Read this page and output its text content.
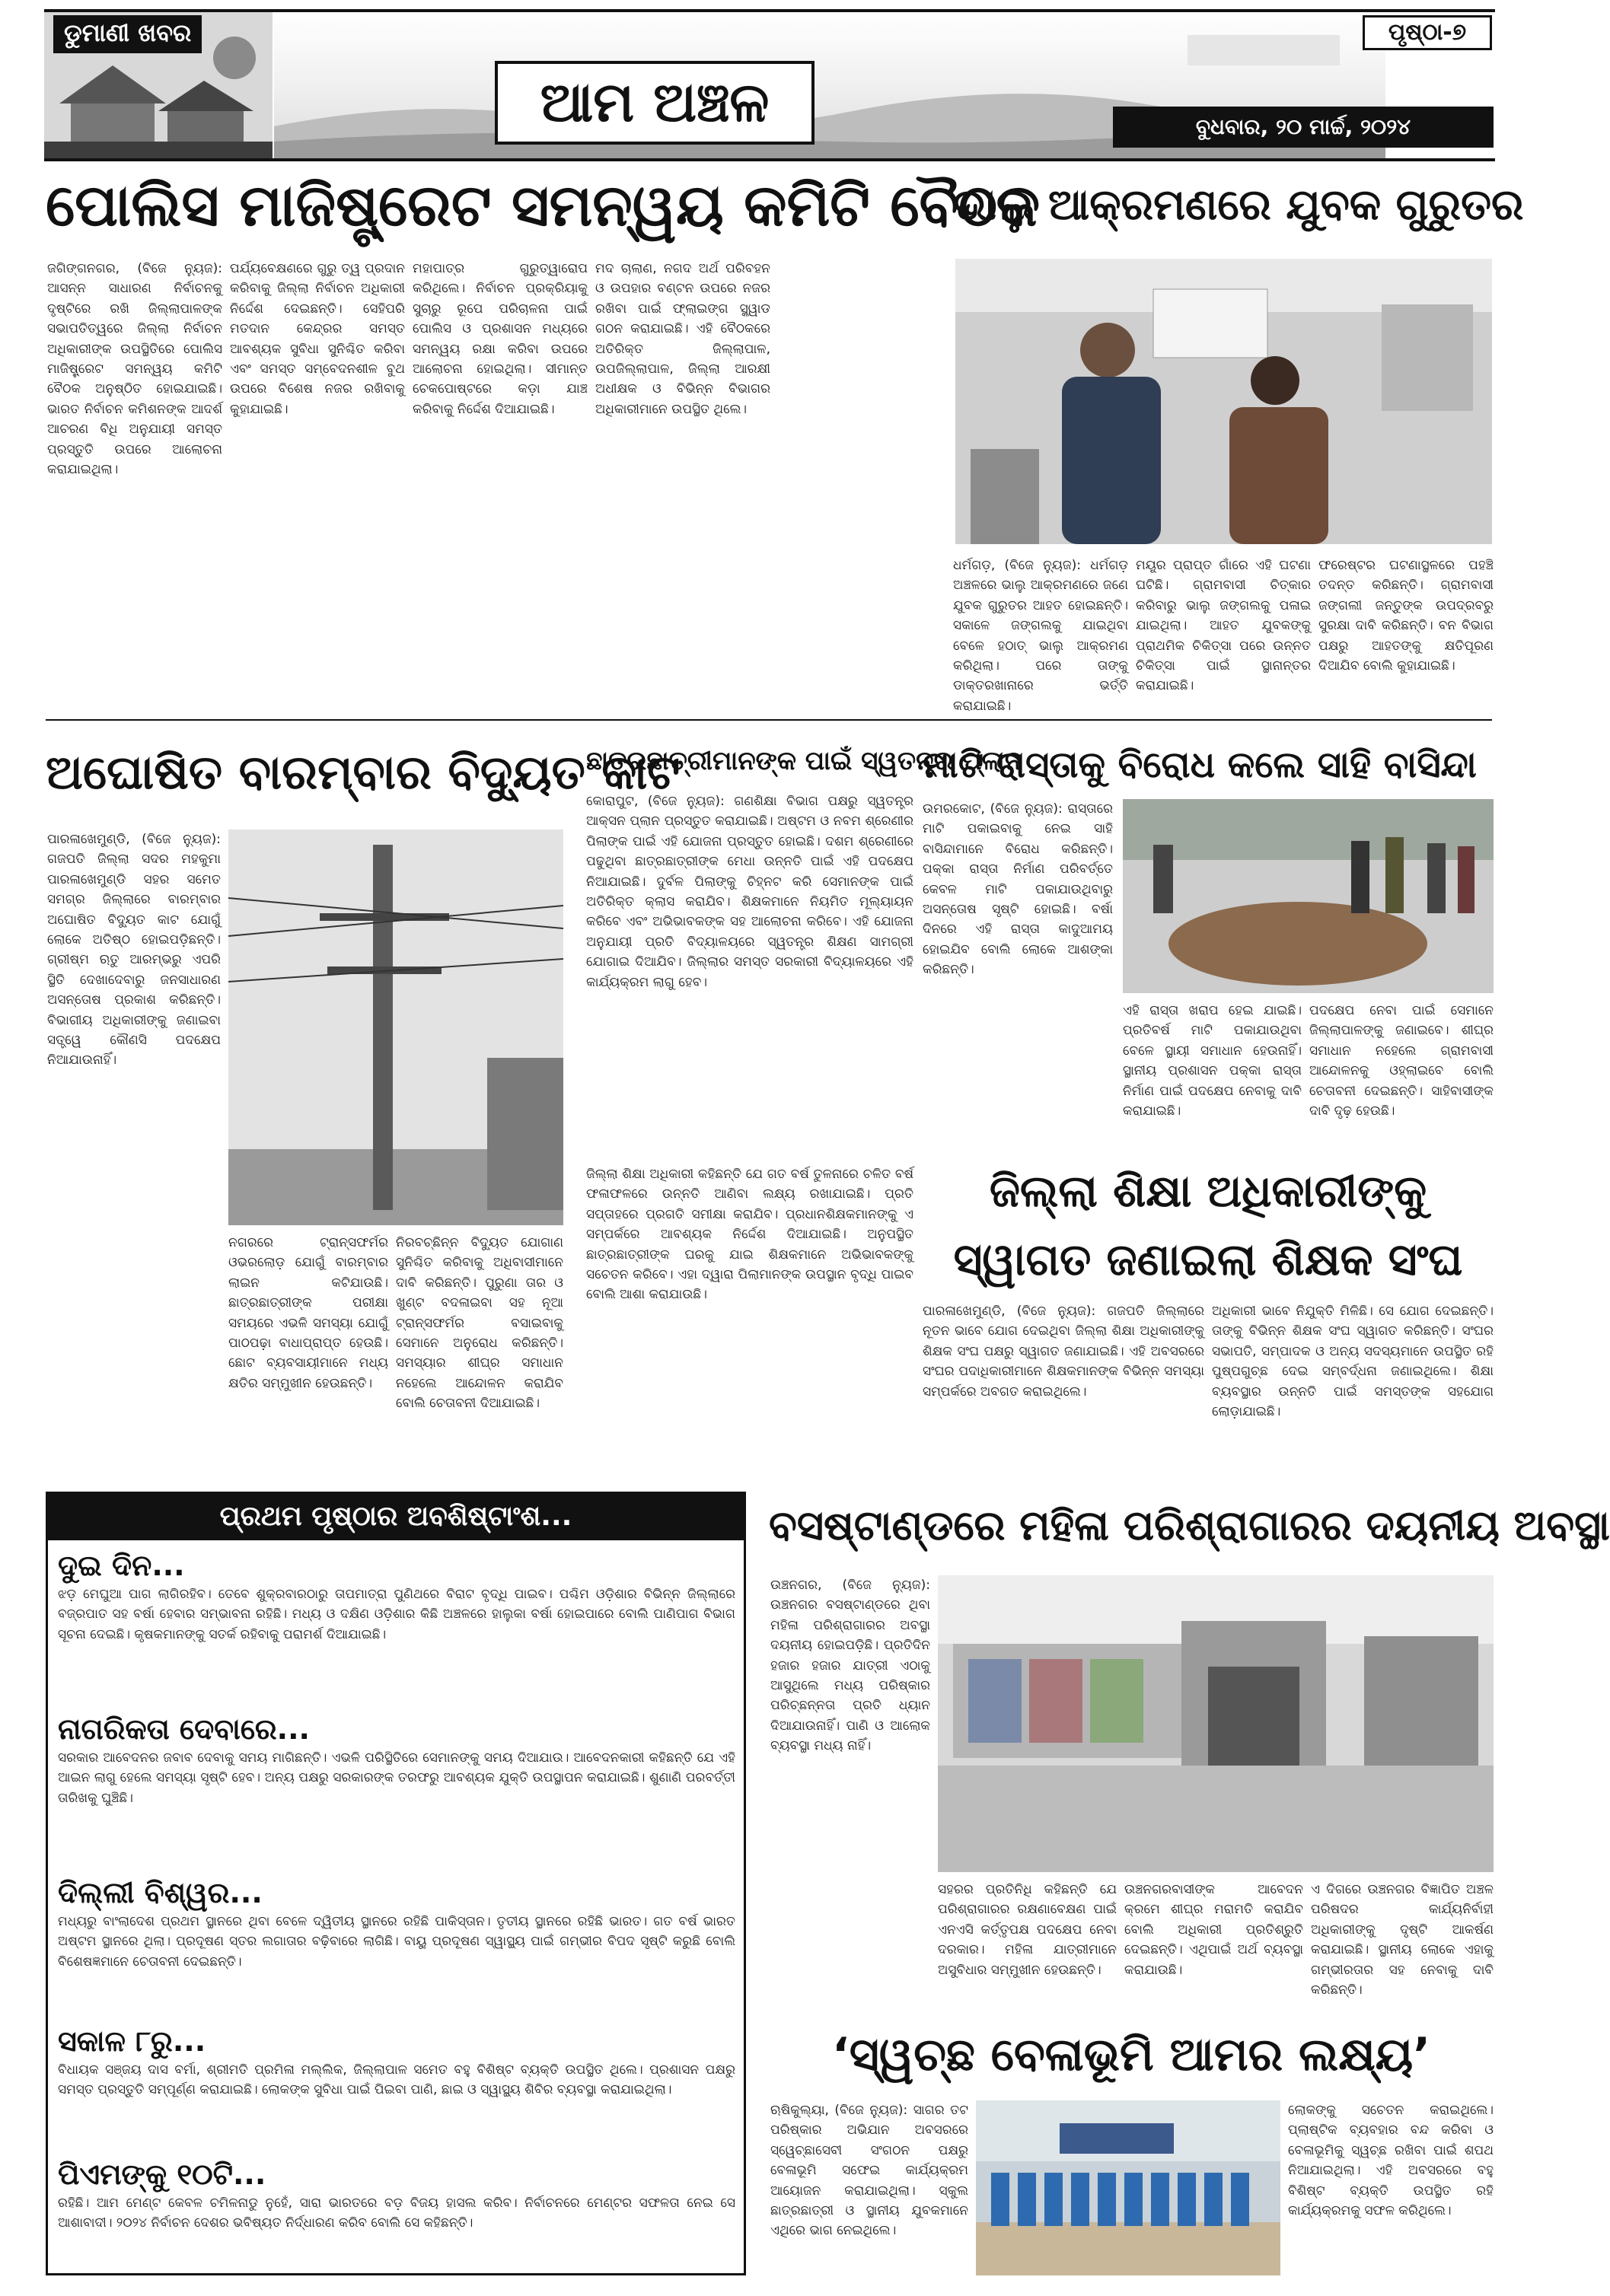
ଡୁମାଣୀ ଖବର
ଆମ ଅଞ୍ଚଳ
ପୃଷ୍ଠା-୭
ବୁଧବାର, ୨୦ ମାର୍ଚ୍ଚ, ୨୦୨୪
ପୋଲିସ ମାଜିଷ୍ଟ୍ରେଟ ସମନ୍ୱୟ କମିଟି ବୈଠକ
ଜଗିଙ୍ଗନଗର, (ବିଜେ ନ୍ୟୁଜ): ଆସନ୍ନ ସାଧାରଣ ନିର୍ବାଚନକୁ ଦୃଷ୍ଟିରେ ରଖି ଜିଲ୍ଲାପାଳଙ୍କ ସଭାପତିତ୍ୱରେ ଜିଲ୍ଲା ନିର୍ବାଚନ ଅଧିକାରୀଙ୍କ ଉପସ୍ଥିତିରେ ପୋଲିସ ମାଜିଷ୍ଟ୍ରେଟ ସମନ୍ୱୟ କମିଟି ବୈଠକ ଅନୁଷ୍ଠିତ ହୋଇଯାଇଛି। ଭାରତ ନିର୍ବାଚନ କମିଶନଙ୍କ ଆଦର୍ଶ ଆଚରଣ ବିଧି ଅନୁଯାୟୀ ସମସ୍ତ ପ୍ରସ୍ତୁତି ଉପରେ ଆଲୋଚନା କରାଯାଇଥିଲା।
ପର୍ଯ୍ୟବେକ୍ଷଣରେ ଗୁରୁ ତ୍ୱ ପ୍ରଦାନ କରିବାକୁ ଜିଲ୍ଲା ନିର୍ବାଚନ ଅଧିକାରୀ ନିର୍ଦ୍ଦେଶ ଦେଇଛନ୍ତି। ସେହିପରି ମତଦାନ କେନ୍ଦ୍ରର ସମସ୍ତ ଆବଶ୍ୟକ ସୁବିଧା ସୁନିଶ୍ଚିତ କରିବା ଏବଂ ସମସ୍ତ ସମ୍ବେଦନଶୀଳ ବୁଥ ଉପରେ ବିଶେଷ ନଜର ରଖିବାକୁ କୁହାଯାଇଛି।
ମହାପାତ୍ର ଗୁରୁତ୍ୱାରୋପ କରିଥିଲେ। ନିର୍ବାଚନ ପ୍ରକ୍ରିୟାକୁ ସୁଚାରୁ ରୂପେ ପରିଚାଳନା ପାଇଁ ପୋଲିସ ଓ ପ୍ରଶାସନ ମଧ୍ୟରେ ସମନ୍ୱୟ ରକ୍ଷା କରିବା ଉପରେ ଆଲୋଚନା ହୋଇଥିଲା। ସୀମାନ୍ତ ଚେକପୋଷ୍ଟରେ କଡ଼ା ଯାଞ୍ଚ କରିବାକୁ ନିର୍ଦ୍ଦେଶ ଦିଆଯାଇଛି।
ମଦ ଚାଲାଣ, ନଗଦ ଅର୍ଥ ପରିବହନ ଓ ଉପହାର ବଣ୍ଟନ ଉପରେ ନଜର ରଖିବା ପାଇଁ ଫ୍ଲାଇଙ୍ଗ ସ୍କ୍ୱାଡ ଗଠନ କରାଯାଇଛି। ଏହି ବୈଠକରେ ଅତିରିକ୍ତ ଜିଲ୍ଲାପାଳ, ଉପଜିଲ୍ଲାପାଳ, ଜିଲ୍ଲା ଆରକ୍ଷୀ ଅଧୀକ୍ଷକ ଓ ବିଭିନ୍ନ ବିଭାଗର ଅଧିକାରୀମାନେ ଉପସ୍ଥିତ ଥିଲେ।
ଭାଲୁ ଆକ୍ରମଣରେ ଯୁବକ ଗୁରୁତର
ଧର୍ମଗଡ଼, (ବିଜେ ନ୍ୟୁଜ): ଧର୍ମଗଡ଼ ଅଞ୍ଚଳରେ ଭାଲୁ ଆକ୍ରମଣରେ ଜଣେ ଯୁବକ ଗୁରୁତର ଆହତ ହୋଇଛନ୍ତି। ସକାଳେ ଜଙ୍ଗଲକୁ ଯାଇଥିବା ବେଳେ ହଠାତ୍ ଭାଲୁ ଆକ୍ରମଣ କରିଥିଲା। ପରେ ତାଙ୍କୁ ଡାକ୍ତରଖାନାରେ ଭର୍ତ୍ତି କରାଯାଇଛି।
ମୟୂର ପ୍ରାପ୍ତ ଗାଁରେ ଏହି ଘଟଣା ଘଟିଛି। ଗ୍ରାମବାସୀ ଚିତ୍କାର କରିବାରୁ ଭାଲୁ ଜଙ୍ଗଲକୁ ପଳାଇ ଯାଇଥିଲା। ଆହତ ଯୁବକଙ୍କୁ ପ୍ରାଥମିକ ଚିକିତ୍ସା ପରେ ଉନ୍ନତ ଚିକିତ୍ସା ପାଇଁ ସ୍ଥାନାନ୍ତର କରାଯାଇଛି।
ଫରେଷ୍ଟର ଘଟଣାସ୍ଥଳରେ ପହଞ୍ଚି ତଦନ୍ତ କରିଛନ୍ତି। ଗ୍ରାମବାସୀ ଜଙ୍ଗଲୀ ଜନ୍ତୁଙ୍କ ଉପଦ୍ରବରୁ ସୁରକ୍ଷା ଦାବି କରିଛନ୍ତି। ବନ ବିଭାଗ ପକ୍ଷରୁ ଆହତଙ୍କୁ କ୍ଷତିପୂରଣ ଦିଆଯିବ ବୋଲି କୁହାଯାଇଛି।
ଅଘୋଷିତ ବାରମ୍ବାର ବିଦ୍ୟୁତ କାଟ
ପାରଳାଖେମୁଣ୍ଡି, (ବିଜେ ନ୍ୟୁଜ): ଗଜପତି ଜିଲ୍ଲା ସଦର ମହକୁମା ପାରଳାଖେମୁଣ୍ଡି ସହର ସମେତ ସମଗ୍ର ଜିଲ୍ଲାରେ ବାରମ୍ବାର ଅଘୋଷିତ ବିଦ୍ୟୁତ କାଟ ଯୋଗୁଁ ଲୋକେ ଅତିଷ୍ଠ ହୋଇପଡ଼ିଛନ୍ତି। ଗ୍ରୀଷ୍ମ ଋତୁ ଆରମ୍ଭରୁ ଏପରି ସ୍ଥିତି ଦେଖାଦେବାରୁ ଜନସାଧାରଣ ଅସନ୍ତୋଷ ପ୍ରକାଶ କରିଛନ୍ତି। ବିଭାଗୀୟ ଅଧିକାରୀଙ୍କୁ ଜଣାଇବା ସତ୍ତ୍ୱେ କୌଣସି ପଦକ୍ଷେପ ନିଆଯାଉନାହିଁ।
ନଗରରେ ଟ୍ରାନ୍ସଫର୍ମର ଓଭରଲୋଡ଼ ଯୋଗୁଁ ବାରମ୍ବାର ଲାଇନ କଟିଯାଉଛି। ଛାତ୍ରଛାତ୍ରୀଙ୍କ ପରୀକ୍ଷା ସମୟରେ ଏଭଳି ସମସ୍ୟା ଯୋଗୁଁ ପାଠପଢ଼ା ବାଧାପ୍ରାପ୍ତ ହେଉଛି। ଛୋଟ ବ୍ୟବସାୟୀମାନେ ମଧ୍ୟ କ୍ଷତିର ସମ୍ମୁଖୀନ ହେଉଛନ୍ତି।
ନିରବଚ୍ଛିନ୍ନ ବିଦ୍ୟୁତ ଯୋଗାଣ ସୁନିଶ୍ଚିତ କରିବାକୁ ଅଧିବାସୀମାନେ ଦାବି କରିଛନ୍ତି। ପୁରୁଣା ତାର ଓ ଖୁଣ୍ଟ ବଦଳାଇବା ସହ ନୂଆ ଟ୍ରାନ୍ସଫର୍ମର ବସାଇବାକୁ ସେମାନେ ଅନୁରୋଧ କରିଛନ୍ତି। ସମସ୍ୟାର ଶୀଘ୍ର ସମାଧାନ ନହେଲେ ଆନ୍ଦୋଳନ କରାଯିବ ବୋଲି ଚେତାବନୀ ଦିଆଯାଇଛି।
ଛାତ୍ରଛାତ୍ରୀମାନଙ୍କ ପାଇଁ ସ୍ୱତନ୍ତ୍ର ପ୍ଲାନ
କୋରାପୁଟ, (ବିଜେ ନ୍ୟୁଜ): ଗଣଶିକ୍ଷା ବିଭାଗ ପକ୍ଷରୁ ସ୍ୱତନ୍ତ୍ର ଆକ୍ସନ ପ୍ଲାନ ପ୍ରସ୍ତୁତ କରାଯାଇଛି। ଅଷ୍ଟମ ଓ ନବମ ଶ୍ରେଣୀର ପିଲାଙ୍କ ପାଇଁ ଏହି ଯୋଜନା ପ୍ରସ୍ତୁତ ହୋଇଛି। ଦଶମ ଶ୍ରେଣୀରେ ପଢୁଥିବା ଛାତ୍ରଛାତ୍ରୀଙ୍କ ମେଧା ଉନ୍ନତି ପାଇଁ ଏହି ପଦକ୍ଷେପ ନିଆଯାଇଛି। ଦୁର୍ବଳ ପିଲାଙ୍କୁ ଚିହ୍ନଟ କରି ସେମାନଙ୍କ ପାଇଁ ଅତିରିକ୍ତ କ୍ଲାସ କରାଯିବ। ଶିକ୍ଷକମାନେ ନିୟମିତ ମୂଲ୍ୟାୟନ କରିବେ ଏବଂ ଅଭିଭାବକଙ୍କ ସହ ଆଲୋଚନା କରିବେ। ଏହି ଯୋଜନା ଅନୁଯାୟୀ ପ୍ରତି ବିଦ୍ୟାଳୟରେ ସ୍ୱତନ୍ତ୍ର ଶିକ୍ଷଣ ସାମଗ୍ରୀ ଯୋଗାଇ ଦିଆଯିବ। ଜିଲ୍ଲାର ସମସ୍ତ ସରକାରୀ ବିଦ୍ୟାଳୟରେ ଏହି କାର୍ଯ୍ୟକ୍ରମ ଲାଗୁ ହେବ।
ଜିଲ୍ଲା ଶିକ୍ଷା ଅଧିକାରୀ କହିଛନ୍ତି ଯେ ଗତ ବର୍ଷ ତୁଳନାରେ ଚଳିତ ବର୍ଷ ଫଳାଫଳରେ ଉନ୍ନତି ଆଣିବା ଲକ୍ଷ୍ୟ ରଖାଯାଇଛି। ପ୍ରତି ସପ୍ତାହରେ ପ୍ରଗତି ସମୀକ୍ଷା କରାଯିବ। ପ୍ରଧାନଶିକ୍ଷକମାନଙ୍କୁ ଏ ସମ୍ପର୍କରେ ଆବଶ୍ୟକ ନିର୍ଦ୍ଦେଶ ଦିଆଯାଇଛି। ଅନୁପସ୍ଥିତ ଛାତ୍ରଛାତ୍ରୀଙ୍କ ଘରକୁ ଯାଇ ଶିକ୍ଷକମାନେ ଅଭିଭାବକଙ୍କୁ ସଚେତନ କରିବେ। ଏହା ଦ୍ୱାରା ପିଲାମାନଙ୍କ ଉପସ୍ଥାନ ବୃଦ୍ଧି ପାଇବ ବୋଲି ଆଶା କରାଯାଉଛି।
ମାଟି ରାସ୍ତାକୁ ବିରୋଧ କଲେ ସାହି ବାସିନ୍ଦା
ଉମରକୋଟ, (ବିଜେ ନ୍ୟୁଜ): ରାସ୍ତାରେ ମାଟି ପକାଇବାକୁ ନେଇ ସାହି ବାସିନ୍ଦାମାନେ ବିରୋଧ କରିଛନ୍ତି। ପକ୍କା ରାସ୍ତା ନିର୍ମାଣ ପରିବର୍ତ୍ତେ କେବଳ ମାଟି ପକାଯାଉଥିବାରୁ ଅସନ୍ତୋଷ ସୃଷ୍ଟି ହୋଇଛି। ବର୍ଷା ଦିନରେ ଏହି ରାସ୍ତା କାଦୁଆମୟ ହୋଇଯିବ ବୋଲି ଲୋକେ ଆଶଙ୍କା କରିଛନ୍ତି।
ଏହି ରାସ୍ତା ଖରାପ ହେଇ ଯାଇଛି। ପ୍ରତିବର୍ଷ ମାଟି ପକାଯାଉଥିବା ବେଳେ ସ୍ଥାୟୀ ସମାଧାନ ହେଉନାହିଁ। ସ୍ଥାନୀୟ ପ୍ରଶାସନ ପକ୍କା ରାସ୍ତା ନିର୍ମାଣ ପାଇଁ ପଦକ୍ଷେପ ନେବାକୁ ଦାବି କରାଯାଇଛି।
ପଦକ୍ଷେପ ନେବା ପାଇଁ ସେମାନେ ଜିଲ୍ଲାପାଳଙ୍କୁ ଜଣାଇବେ। ଶୀଘ୍ର ସମାଧାନ ନହେଲେ ଗ୍ରାମବାସୀ ଆନ୍ଦୋଳନକୁ ଓହ୍ଲାଇବେ ବୋଲି ଚେତାବନୀ ଦେଇଛନ୍ତି। ସାହିବାସୀଙ୍କ ଦାବି ଦୃଢ଼ ହେଉଛି।
ଜିଲ୍ଲା ଶିକ୍ଷା ଅଧିକାରୀଙ୍କୁ
ସ୍ୱାଗତ ଜଣାଇଲା ଶିକ୍ଷକ ସଂଘ
ପାରଳାଖେମୁଣ୍ଡି, (ବିଜେ ନ୍ୟୁଜ): ଗଜପତି ଜିଲ୍ଲାରେ ନୂତନ ଭାବେ ଯୋଗ ଦେଇଥିବା ଜିଲ୍ଲା ଶିକ୍ଷା ଅଧିକାରୀଙ୍କୁ ଶିକ୍ଷକ ସଂଘ ପକ୍ଷରୁ ସ୍ୱାଗତ ଜଣାଯାଇଛି। ଏହି ଅବସରରେ ସଂଘର ପଦାଧିକାରୀମାନେ ଶିକ୍ଷକମାନଙ୍କ ବିଭିନ୍ନ ସମସ୍ୟା ସମ୍ପର୍କରେ ଅବଗତ କରାଇଥିଲେ।
ଅଧିକାରୀ ଭାବେ ନିଯୁକ୍ତି ମିଳିଛି। ସେ ଯୋଗ ଦେଇଛନ୍ତି। ତାଙ୍କୁ ବିଭିନ୍ନ ଶିକ୍ଷକ ସଂଘ ସ୍ୱାଗତ କରିଛନ୍ତି। ସଂଘର ସଭାପତି, ସମ୍ପାଦକ ଓ ଅନ୍ୟ ସଦସ୍ୟମାନେ ଉପସ୍ଥିତ ରହି ପୁଷ୍ପଗୁଚ୍ଛ ଦେଇ ସମ୍ବର୍ଦ୍ଧନା ଜଣାଇଥିଲେ। ଶିକ୍ଷା ବ୍ୟବସ୍ଥାର ଉନ୍ନତି ପାଇଁ ସମସ୍ତଙ୍କ ସହଯୋଗ ଲୋଡ଼ାଯାଇଛି।
ପ୍ରଥମ ପୃଷ୍ଠାର ଅବଶିଷ୍ଟାଂଶ...
ଦୁଇ ଦିନ...
ଝଡ଼ ମେଘୁଆ ପାଗ ଲାଗିରହିବ। ତେବେ ଶୁକ୍ରବାରଠାରୁ ତାପମାତ୍ରା ପୁଣିଥରେ ବିରାଟ ବୃଦ୍ଧି ପାଇବ। ପଶ୍ଚିମ ଓଡ଼ିଶାର ବିଭିନ୍ନ ଜିଲ୍ଲାରେ ବଜ୍ରପାତ ସହ ବର୍ଷା ହେବାର ସମ୍ଭାବନା ରହିଛି। ମଧ୍ୟ ଓ ଦକ୍ଷିଣ ଓଡ଼ିଶାର କିଛି ଅଞ୍ଚଳରେ ହାଲୁକା ବର୍ଷା ହୋଇପାରେ ବୋଲି ପାଣିପାଗ ବିଭାଗ ସୂଚନା ଦେଇଛି। କୃଷକମାନଙ୍କୁ ସତର୍କ ରହିବାକୁ ପରାମର୍ଶ ଦିଆଯାଇଛି।
ନାଗରିକତା ଦେବାରେ...
ସରକାର ଆବେଦନର ଜବାବ ଦେବାକୁ ସମୟ ମାଗିଛନ୍ତି। ଏଭଳି ପରିସ୍ଥିତିରେ ସେମାନଙ୍କୁ ସମୟ ଦିଆଯାଉ। ଆବେଦନକାରୀ କହିଛନ୍ତି ଯେ ଏହି ଆଇନ ଲାଗୁ ହେଲେ ସମସ୍ୟା ସୃଷ୍ଟି ହେବ। ଅନ୍ୟ ପକ୍ଷରୁ ସରକାରଙ୍କ ତରଫରୁ ଆବଶ୍ୟକ ଯୁକ୍ତି ଉପସ୍ଥାପନ କରାଯାଇଛି। ଶୁଣାଣି ପରବର୍ତ୍ତୀ ତାରିଖକୁ ଘୁଞ୍ଚିଛି।
ଦିଲ୍ଲୀ ବିଶ୍ୱର...
ମଧ୍ୟରୁ ବାଂଲାଦେଶ ପ୍ରଥମ ସ୍ଥାନରେ ଥିବା ବେଳେ ଦ୍ୱିତୀୟ ସ୍ଥାନରେ ରହିଛି ପାକିସ୍ତାନ। ତୃତୀୟ ସ୍ଥାନରେ ରହିଛି ଭାରତ। ଗତ ବର୍ଷ ଭାରତ ଅଷ୍ଟମ ସ୍ଥାନରେ ଥିଲା। ପ୍ରଦୂଷଣ ସ୍ତର ଲଗାତାର ବଢ଼ିବାରେ ଲାଗିଛି। ବାୟୁ ପ୍ରଦୂଷଣ ସ୍ୱାସ୍ଥ୍ୟ ପାଇଁ ଗମ୍ଭୀର ବିପଦ ସୃଷ୍ଟି କରୁଛି ବୋଲି ବିଶେଷଜ୍ଞମାନେ ଚେତାବନୀ ଦେଇଛନ୍ତି।
ସକାଳ ୮ରୁ...
ବିଧାୟକ ସଞ୍ଜୟ ଦାସ ବର୍ମା, ଶ୍ରୀମତି ପ୍ରମିଳା ମଲ୍ଲିକ, ଜିଲ୍ଲାପାଳ ସମେତ ବହୁ ବିଶିଷ୍ଟ ବ୍ୟକ୍ତି ଉପସ୍ଥିତ ଥିଲେ। ପ୍ରଶାସନ ପକ୍ଷରୁ ସମସ୍ତ ପ୍ରସ୍ତୁତି ସମ୍ପୂର୍ଣ୍ଣ କରାଯାଇଛି। ଲୋକଙ୍କ ସୁବିଧା ପାଇଁ ପିଇବା ପାଣି, ଛାଇ ଓ ସ୍ୱାସ୍ଥ୍ୟ ଶିବିର ବ୍ୟବସ୍ଥା କରାଯାଇଥିଲା।
ପିଏମଙ୍କୁ ୧୦ଟି...
ରହିଛି। ଆମ ମେଣ୍ଟ କେବଳ ଚମିଳନାଡୁ ନୁହେଁ, ସାରା ଭାରତରେ ବଡ଼ ବିଜୟ ହାସଲ କରିବ। ନିର୍ବାଚନରେ ମେଣ୍ଟର ସଫଳତା ନେଇ ସେ ଆଶାବାଦୀ। ୨୦୨୪ ନିର୍ବାଚନ ଦେଶର ଭବିଷ୍ୟତ ନିର୍ଦ୍ଧାରଣ କରିବ ବୋଲି ସେ କହିଛନ୍ତି।
ବସଷ୍ଟାଣ୍ଡରେ ମହିଳା ପରିଶ୍ରାଗାରର ଦୟନୀୟ ଅବସ୍ଥା
ଉଞ୍ଚନଗର, (ବିଜେ ନ୍ୟୁଜ): ଉଞ୍ଚନଗର ବସଷ୍ଟାଣ୍ଡରେ ଥିବା ମହିଳା ପରିଶ୍ରାଗାରର ଅବସ୍ଥା ଦୟନୀୟ ହୋଇପଡ଼ିଛି। ପ୍ରତିଦିନ ହଜାର ହଜାର ଯାତ୍ରୀ ଏଠାକୁ ଆସୁଥିଲେ ମଧ୍ୟ ପରିଷ୍କାର ପରିଚ୍ଛନ୍ନତା ପ୍ରତି ଧ୍ୟାନ ଦିଆଯାଉନାହିଁ। ପାଣି ଓ ଆଲୋକ ବ୍ୟବସ୍ଥା ମଧ୍ୟ ନାହିଁ।
ସହରର ପ୍ରତିନିଧି କହିଛନ୍ତି ଯେ ପରିଶ୍ରାଗାରର ରକ୍ଷଣାବେକ୍ଷଣ ପାଇଁ ଏନଏସି କର୍ତ୍ତୃପକ୍ଷ ପଦକ୍ଷେପ ନେବା ଦରକାର। ମହିଳା ଯାତ୍ରୀମାନେ ଅସୁବିଧାର ସମ୍ମୁଖୀନ ହେଉଛନ୍ତି।
ଉଞ୍ଚନଗରବାସୀଙ୍କ ଆବେଦନ କ୍ରମେ ଶୀଘ୍ର ମରାମତି କରାଯିବ ବୋଲି ଅଧିକାରୀ ପ୍ରତିଶ୍ରୁତି ଦେଇଛନ୍ତି। ଏଥିପାଇଁ ଅର୍ଥ ବ୍ୟବସ୍ଥା କରାଯାଉଛି।
ଏ ଦିଗରେ ଉଞ୍ଚନଗର ବିଜ୍ଞାପିତ ଅଞ୍ଚଳ ପରିଷଦର କାର୍ଯ୍ୟନିର୍ବାହୀ ଅଧିକାରୀଙ୍କୁ ଦୃଷ୍ଟି ଆକର୍ଷଣ କରାଯାଇଛି। ସ୍ଥାନୀୟ ଲୋକେ ଏହାକୁ ଗମ୍ଭୀରତାର ସହ ନେବାକୁ ଦାବି କରିଛନ୍ତି।
‘ସ୍ୱଚ୍ଛ ବେଳାଭୂମି ଆମର ଲକ୍ଷ୍ୟ’
ଋଷିକୁଲ୍ୟା, (ବିଜେ ନ୍ୟୁଜ): ସାଗର ତଟ ପରିଷ୍କାର ଅଭିଯାନ ଅବସରରେ ସ୍ୱେଚ୍ଛାସେବୀ ସଂଗଠନ ପକ୍ଷରୁ ବେଳାଭୂମି ସଫେଇ କାର୍ଯ୍ୟକ୍ରମ ଆୟୋଜନ କରାଯାଇଥିଲା। ସ୍କୁଲ ଛାତ୍ରଛାତ୍ରୀ ଓ ସ୍ଥାନୀୟ ଯୁବକମାନେ ଏଥିରେ ଭାଗ ନେଇଥିଲେ।
ଲୋକଙ୍କୁ ସଚେତନ କରାଇଥିଲେ। ପ୍ଲାଷ୍ଟିକ ବ୍ୟବହାର ବନ୍ଦ କରିବା ଓ ବେଳାଭୂମିକୁ ସ୍ୱଚ୍ଛ ରଖିବା ପାଇଁ ଶପଥ ନିଆଯାଇଥିଲା। ଏହି ଅବସରରେ ବହୁ ବିଶିଷ୍ଟ ବ୍ୟକ୍ତି ଉପସ୍ଥିତ ରହି କାର୍ଯ୍ୟକ୍ରମକୁ ସଫଳ କରିଥିଲେ।
